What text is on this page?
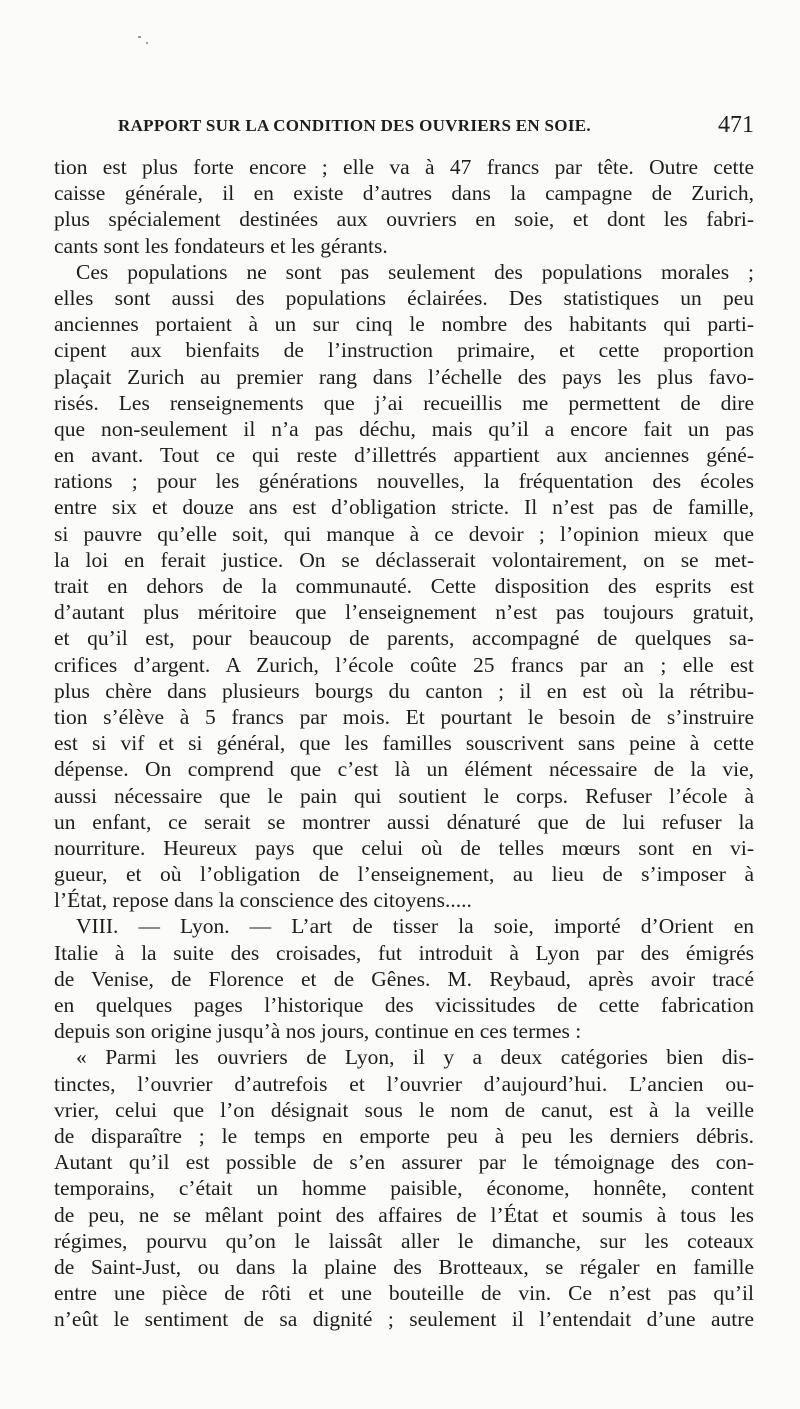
RAPPORT SUR LA CONDITION DES OUVRIERS EN SOIE.	471
tion est plus forte encore ; elle va à 47 francs par tête. Outre cette
caisse générale, il en existe d’autres dans la campagne de Zurich,
plus spécialement destinées aux ouvriers en soie, et dont les fabri-
cants sont les fondateurs et les gérants.
Ces populations ne sont pas seulement des populations morales ;
elles sont aussi des populations éclairées. Des statistiques un peu
anciennes portaient à un sur cinq le nombre des habitants qui parti-
cipent aux bienfaits de l’instruction primaire, et cette proportion
plaçait Zurich au premier rang dans l’échelle des pays les plus favo-
risés. Les renseignements que j’ai recueillis me permettent de dire
que non-seulement il n’a pas déchu, mais qu’il a encore fait un pas
en avant. Tout ce qui reste d’illettrés appartient aux anciennes géné-
rations ; pour les générations nouvelles, la fréquentation des écoles
entre six et douze ans est d’obligation stricte. Il n’est pas de famille,
si pauvre qu’elle soit, qui manque à ce devoir ; l’opinion mieux que
la loi en ferait justice. On se déclasserait volontairement, on se met-
trait en dehors de la communauté. Cette disposition des esprits est
d’autant plus méritoire que l’enseignement n’est pas toujours gratuit,
et qu’il est, pour beaucoup de parents, accompagné de quelques sa-
crifices d’argent. A Zurich, l’école coûte 25 francs par an ; elle est
plus chère dans plusieurs bourgs du canton ; il en est où la rétribu-
tion s’élève à 5 francs par mois. Et pourtant le besoin de s’instruire
est si vif et si général, que les familles souscrivent sans peine à cette
dépense. On comprend que c’est là un élément nécessaire de la vie,
aussi nécessaire que le pain qui soutient le corps. Refuser l’école à
un enfant, ce serait se montrer aussi dénaturé que de lui refuser la
nourriture. Heureux pays que celui où de telles mœurs sont en vi-
gueur, et où l’obligation de l’enseignement, au lieu de s’imposer à
l’État, repose dans la conscience des citoyens.....
VIII. — Lyon. — L’art de tisser la soie, importé d’Orient en
Italie à la suite des croisades, fut introduit à Lyon par des émigrés
de Venise, de Florence et de Gênes. M. Reybaud, après avoir tracé
en quelques pages l’historique des vicissitudes de cette fabrication
depuis son origine jusqu’à nos jours, continue en ces termes :
« Parmi les ouvriers de Lyon, il y a deux catégories bien dis-
tinctes, l’ouvrier d’autrefois et l’ouvrier d’aujourd’hui. L’ancien ou-
vrier, celui que l’on désignait sous le nom de canut, est à la veille
de disparaître ; le temps en emporte peu à peu les derniers débris.
Autant qu’il est possible de s’en assurer par le témoignage des con-
temporains, c’était un homme paisible, économe, honnête, content
de peu, ne se mêlant point des affaires de l’État et soumis à tous les
régimes, pourvu qu’on le laissât aller le dimanche, sur les coteaux
de Saint-Just, ou dans la plaine des Brotteaux, se régaler en famille
entre une pièce de rôti et une bouteille de vin. Ce n’est pas qu’il
n’eût le sentiment de sa dignité ; seulement il l’entendait d’une autre
